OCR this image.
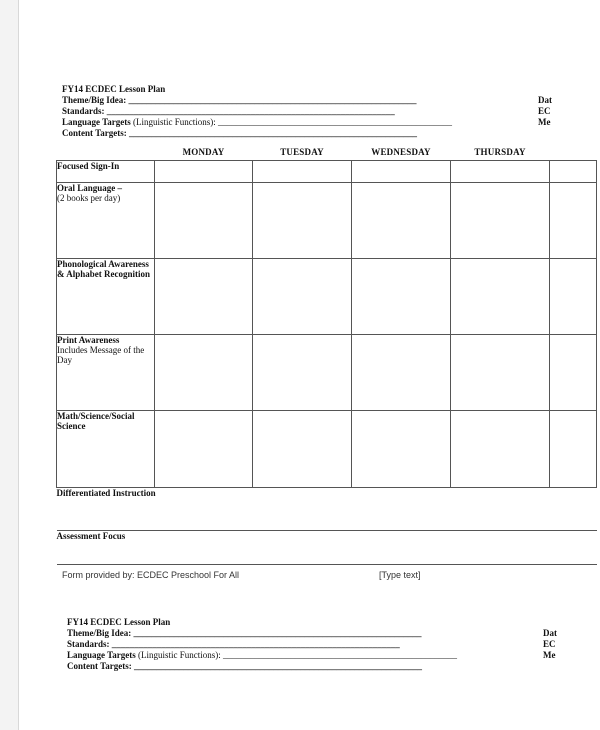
FY14 ECDEC Lesson Plan
Theme/Big Idea: ________________________________________________________________
Standards: ________________________________________________________________
Language Targets (Linguistic Functions): ____________________________________________________
Content Targets: ________________________________________________________________
Dat
EC
Me
	MONDAY	TUESDAY	WEDNESDAY	THURSDAY	
Focused Sign-In					

Oral Language –
(2 books per day)					

Phonological Awareness & Alphabet Recognition					

Print Awareness
Includes Message of the Day					

Math/Science/Social Science					

Differentiated Instruction					
Assessment Focus					
Form provided by: ECDEC Preschool For All	[Type text]
FY14 ECDEC Lesson Plan
Theme/Big Idea: ________________________________________________________________
Standards: ________________________________________________________________
Language Targets (Linguistic Functions): ____________________________________________________
Content Targets: ________________________________________________________________
Dat
EC
Me
